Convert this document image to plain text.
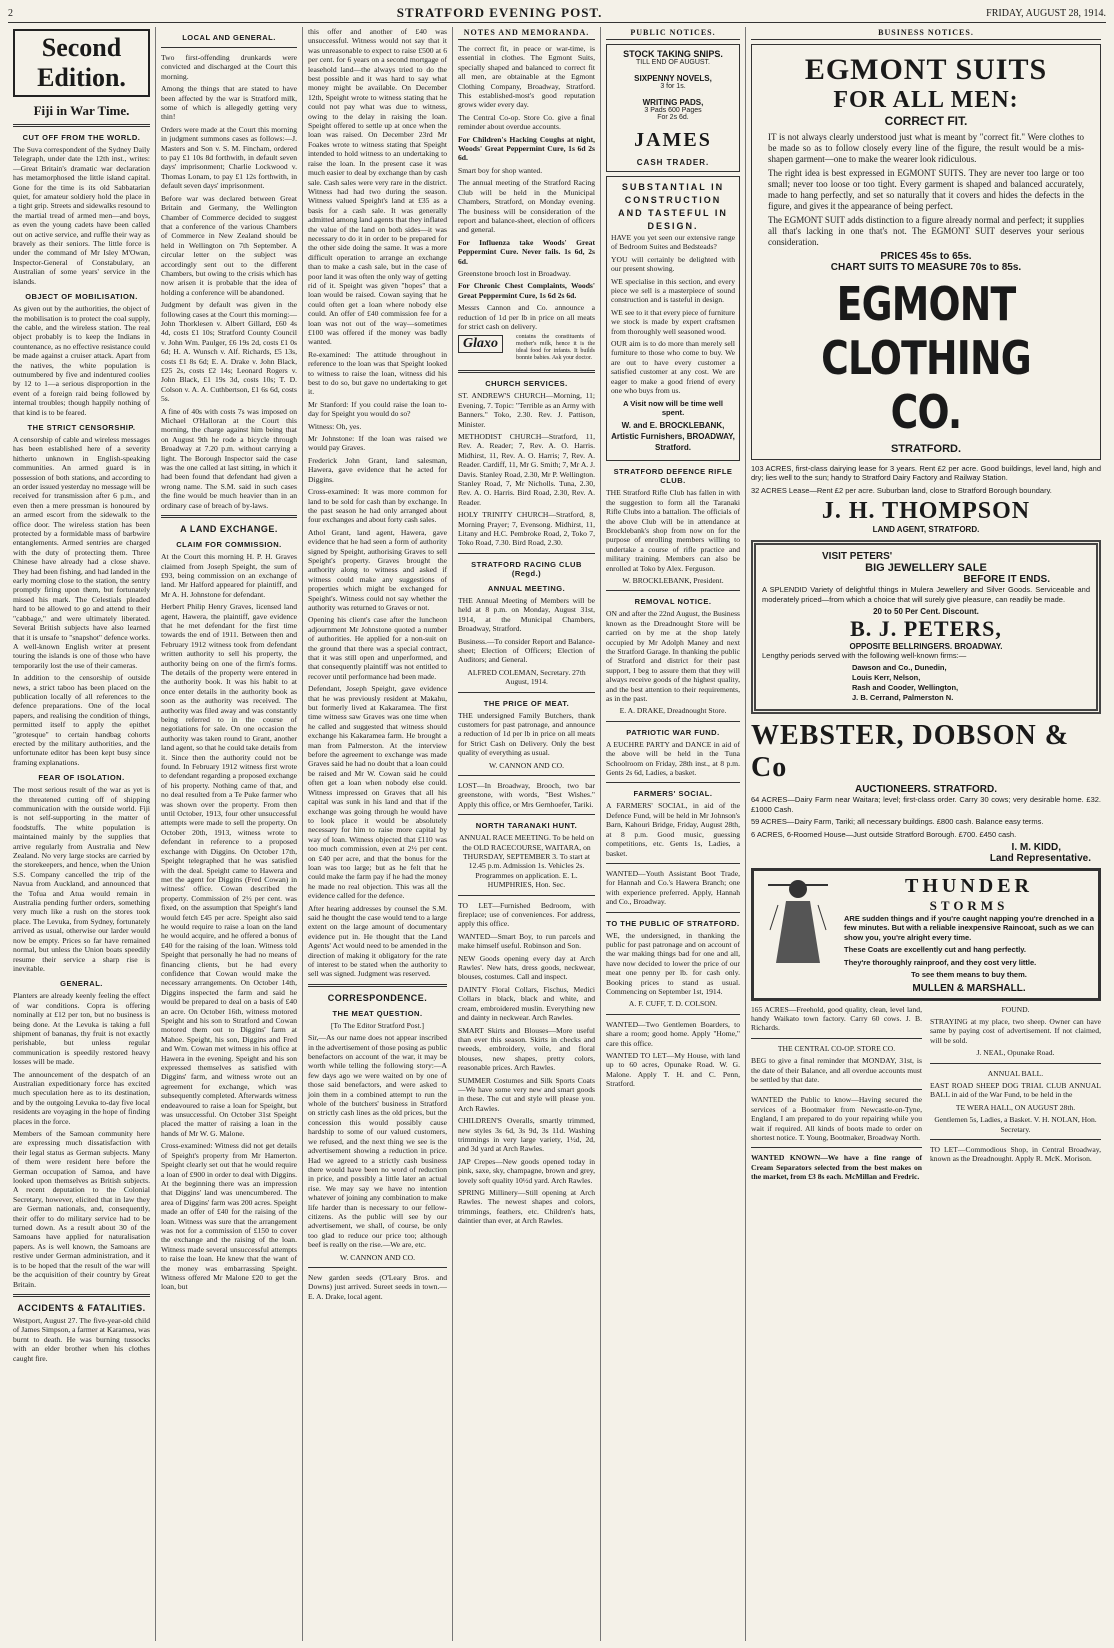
2	STRATFORD EVENING POST.	FRIDAY, AUGUST 28, 1914.
Second Edition.
Fiji in War Time.
CUT OFF FROM THE WORLD.

The Suva correspondent of the Sydney Daily Telegraph, under date the 12th inst., writes:—Great Britain's dramatic war declaration has metamorphosed the little island capital. Gone for the time is its old Sabbatarian quiet, for amateur soldiery hold the place in a tight grip. Streets and sidewalks resound to the martial tread of armed men—and boys, as even the young cadets have been called out on active service, and ruffle their way as bravely as their seniors. The little force is under the command of Mr Isley M'Owan, Inspector-General of Constabulary, an Australian of some years' service in the islands.

OBJECT OF MOBILISATION.

As given out by the authorities, the object of the mobilisation is to protect the coal supply, the cable, and the wireless station. The real object probably is to keep the Indians in countenance, as no effective resistance could be made against a cruiser attack. Apart from the natives, the white population is outnumbered by five and indentured coolies by 12 to 1—a serious disproportion in the event of a foreign raid being followed by internal troubles; though happily nothing of that kind is to be feared.

THE STRICT CENSORSHIP.

A censorship of cable and wireless messages has been established here of a severity hitherto unknown in English-speaking communities. An armed guard is in possession of both stations, and according to an order issued yesterday no message will be received for transmission after 6 p.m., and even then a mere pressman is honoured by an armed escort from the sidewalk to the office door. The wireless station has been protected by a formidable mass of barbwire entanglements. Armed sentries are charged with the duty of protecting them. Three Chinese have already had a close shave. They had been fishing, and had landed in the early morning close to the station, the sentry promptly firing upon them, but fortunately missed his mark. The Celestials pleaded hard to be allowed to go and attend to their "cabbage," and were ultimately liberated. Several British subjects have also learned that it is unsafe to "snapshot" defence works. A well-known English writer at present touring the islands is one of those who have temporarily lost the use of their cameras.

In addition to the censorship of outside news, a strict taboo has been placed on the publication locally of all references to the defence preparations. One of the local papers, and realising the condition of things, permitted itself to apply the epithet "grotesque" to certain handbag cohorts erected by the military authorities, and the unfortunate editor has been kept busy since framing explanations.

FEAR OF ISOLATION.

The most serious result of the war as yet is the threatened cutting off of shipping communication with the outside world. Fiji is not self-supporting in the matter of foodstuffs. The white population is maintained mainly by the supplies that arrive regularly from Australia and New Zealand. No very large stocks are carried by the storekeepers, and hence, when the Union S.S. Company cancelled the trip of the Navua from Auckland, and announced that the Tofua and Atua would remain in Australia pending further orders, something very much like a rush on the stores took place. The Levuka, from Sydney, fortunately arrived as usual, otherwise our larder would now be empty. Prices so far have remained normal, but unless the Union boats speedily resume their service a sharp rise is inevitable.

GENERAL.

Planters are already keenly feeling the effect of war conditions. Copra is offering nominally at £12 per ton, but no business is being done. At the Levuka is taking a full shipment of bananas, thy fruit is not exactly perishable, but unless regular communication is speedily restored heavy losses will be made.

The announcement of the despatch of an Australian expeditionary force has excited much speculation here as to its destination, and by the outgoing Levuka to-day five local residents are voyaging in the hope of finding places in the force.

Members of the Samoan community here are expressing much dissatisfaction with their legal status as German subjects. Many of them were resident here before the German occupation of Samoa, and have looked upon themselves as British subjects. A recent deputation to the Colonial Secretary, however, elicited that in law they are German nationals, and, consequently, their offer to do military service had to be turned down. As a result about 30 of the Samoans have applied for naturalisation papers. As is well known, the Samoans are restive under German administration, and it is to be hoped that the result of the war will be the acquisition of their country by Great Britain.

ACCIDENTS & FATALITIES.

Westport, August 27. The five-year-old child of James Simpson, a farmer at Karamea, was burnt to death. He was burning tussocks with an elder brother when his clothes caught fire.

LOCAL AND GENERAL.

Two first-offending drunkards were convicted and discharged at the Court this morning.

Among the things that are stated to have been affected by the war is Stratford milk, some of which is allegedly getting very thin!

Orders were made at the Court this morning in judgment summons cases as follows:—J. Masters and Son v. S. M. Fincham, ordered to pay £1 10s 8d forthwith, in default seven days' imprisonment; Charlie Lockwood v. Thomas Lonam, to pay £1 12s forthwith, in default seven days' imprisonment.

Before war was declared between Great Britain and Germany, the Wellington Chamber of Commerce decided to suggest that a conference of the various Chambers of Commerce in New Zealand should be held in Wellington on 7th September. A circular letter on the subject was accordingly sent out to the different Chambers, but owing to the crisis which has now arisen it is probable that the idea of holding a conference will be abandoned.

Judgment by default was given in the following cases at the Court this morning:—John Thorklesen v. Albert Gillard, £60 4s 4d, costs £1 10s; Stratford County Council v. John Wm. Paulger, £6 19s 2d, costs £1 0s 6d; H. A. Wunsch v. Alf. Richards, £5 13s, costs £1 8s 6d; E. A. Drake v. John Black, £25 2s, costs £2 14s; Leonard Rogers v. John Black, £1 19s 3d, costs 10s; T. D. Colson v. A. A. Cuthbertson, £1 6s 6d, costs 5s.

A fine of 40s with costs 7s was imposed on Michael O'Halloran at the Court this morning, the charge against him being that on August 9th he rode a bicycle through Broadway at 7.20 p.m. without carrying a light. The Borough Inspector said the case was the one called at last sitting, in which it had been found that defendant had given a wrong name. The S.M. said in such cases the fine would be much heavier than in an ordinary case of breach of by-laws.

A LAND EXCHANGE.
CLAIM FOR COMMISSION.

At the Court this morning H. P. H. Graves claimed from Joseph Speight, the sum of £93, being commission on an exchange of land. Mr Halford appeared for plaintiff, and Mr A. H. Johnstone for defendant.

Herbert Philip Henry Graves, licensed land agent, Hawera, the plaintiff, gave evidence that he met defendant for the first time towards the end of 1911. Between then and February 1912 witness took from defendant written authority to sell his property, the authority being on one of the firm's forms. The details of the property were entered in the authority book. It was his habit to at once enter details in the authority book as soon as the authority was received. The authority was filed away and was constantly being referred to in the course of negotiations for sale. On one occasion the authority was taken round to Grant, another land agent, so that he could take details from it. Since then the authority could not be found. In February 1912 witness first wrote to defendant regarding a proposed exchange of his property. Nothing came of that, and no deal resulted from a Te Puke farmer who was shown over the property. From then until October, 1913, four other unsuccessful attempts were made to sell the property. On October 20th, 1913, witness wrote to defendant in reference to a proposed exchange with Diggins. On October 17th, Speight telegraphed that he was satisfied with the deal. Speight came to Hawera and met the agent for Diggins (Fred Cowan) in witness' office. Cowan described the property. Commission of 2½ per cent. was fixed, on the assumption that Speight's land would fetch £45 per acre. Speight also said he would require to raise a loan on the land he would acquire, and he offered a bonus of £40 for the raising of the loan. Witness told Speight that personally he had no means of financing clients, but he had every confidence that Cowan would make the necessary arrangements. On October 14th, Diggins inspected the farm and said he would be prepared to deal on a basis of £40 an acre. On October 16th, witness motored Speight and his son to Stratford and Cowan motored them out to Diggins' farm at Mahoe. Speight, his son, Diggins and Fred and Wm. Cowan met witness in his office at Hawera in the evening. Speight and his son expressed themselves as satisfied with Diggins' farm, and witness wrote out an agreement for exchange, which was subsequently completed. Afterwards witness endeavoured to raise a loan for Speight, but was unsuccessful. On October 31st Speight placed the matter of raising a loan in the hands of Mr W. G. Malone.

Cross-examined: Witness did not get details of Speight's property from Mr Hamerton. Speight clearly set out that he would require a loan of £900 in order to deal with Diggins. At the beginning there was an impression that Diggins' land was unencumbered. The area of Diggins' farm was 200 acres. Speight made an offer of £40 for the raising of the loan. Witness was sure that the arrangement was not for a commission of £150 to cover the exchange and the raising of the loan. Witness made several unsuccessful attempts to raise the loan. He knew that the want of the money was embarrassing Speight. Witness offered Mr Malone £20 to get the loan, but

this offer and another of £40 was unsuccessful. Witness would not say that it was unreasonable to expect to raise £500 at 6 per cent. for 6 years on a second mortgage of leasehold land—the always tried to do the best possible and it was hard to say what money might be available. On December 12th, Speight wrote to witness stating that he could not pay what was due to witness, owing to the delay in raising the loan. Speight offered to settle up at once when the loan was raised. On December 23rd Mr Foakes wrote to witness stating that Speight intended to hold witness to an undertaking to raise the loan. In the present case it was much easier to deal by exchange than by cash sale. Cash sales were very rare in the district. Witness had had two during the season. Witness valued Speight's land at £35 as a basis for a cash sale. It was generally admitted among land agents that they inflated the value of the land on both sides—it was necessary to do it in order to be prepared for the other side doing the same. It was a more difficult operation to arrange an exchange than to make a cash sale, but in the case of poor land it was often the only way of getting rid of it. Speight was given "hopes" that a loan would be raised. Cowan saying that he could often get a loan where nobody else could. An offer of £40 commission fee for a loan was not out of the way—sometimes £100 was offered if the money was badly wanted.

Re-examined: The attitude throughout in reference to the loan was that Speight looked to witness to raise the loan, witness did his best to do so, but gave no undertaking to get it.

Mr Stanford: If you could raise the loan to-day for Speight you would do so?

Witness: Oh, yes.

Mr Johnstone: If the loan was raised we would pay Graves.

Frederick John Grant, land salesman, Hawera, gave evidence that he acted for Diggins.

Cross-examined: It was more common for land to be sold for cash than by exchange. In the past season he had only arranged about four exchanges and about forty cash sales.

Athol Grant, land agent, Hawera, gave evidence that he had seen a form of authority signed by Speight, authorising Graves to sell Speight's property. Graves brought the authority along to witness and asked if witness could make any suggestions of properties which might be exchanged for Speight's. Witness could not say whether the authority was returned to Graves or not.

Opening his client's case after the luncheon adjournment Mr Johnstone quoted a number of authorities. He applied for a non-suit on the ground that there was a special contract, that it was still open and unperformed, and that consequently plaintiff was not entitled to recover until performance had been made.

Defendant, Joseph Speight, gave evidence that he was previously resident at Makahu, but formerly lived at Kakaramea. The first time witness saw Graves was one time when he called and suggested that witness should exchange his Kakaramea farm. He brought a man from Palmerston. At the interview before the agreement to exchange was made Graves said he had no doubt that a loan could be raised and Mr W. Cowan said he could often get a loan when nobody else could. Witness impressed on Graves that all his capital was sunk in his land and that if the exchange was going through he would have to look place it would be absolutely necessary for him to raise more capital by way of loan. Witness objected that £110 was too much commission, even at 2½ per cent. on £40 per acre, and that the bonus for the loan was too large; but as he felt that he could make the farm pay if he had the money he made no real objection. This was all the evidence called for the defence.

After hearing addresses by counsel the S.M. said he thought the case would tend to a large extent on the large amount of documentary evidence put in. He thought that the Land Agents' Act would need to be amended in the direction of making it obligatory for the rate of interest to be stated when the authority to sell was signed. Judgment was reserved.

CORRESPONDENCE.
THE MEAT QUESTION.

[To The Editor Stratford Post.]

Sir,—As our name does not appear inscribed in the advertisement of those posing as public benefactors on account of the war, it may be worth while telling the following story:—A few days ago we were waited on by one of those said benefactors, and were asked to join them in a combined attempt to run the whole of the butchers' business in Stratford on strictly cash lines as the old prices, but the concession this would possibly cause hardship to some of our valued customers, we refused, and the next thing we see is the advertisement showing a reduction in price. Had we agreed to a strictly cash business there would have been no word of reduction in price, and possibly a little later an actual rise. We may say we have no intention whatever of joining any combination to make life harder than is necessary to our fellow-citizens. As the public will see by our advertisement, we shall, of course, be only too glad to reduce our price too; although beef is really on the rise.—We are, etc.

W. CANNON AND CO.

New garden seeds (O'Leary Bros. and Downs) just arrived. Sureet seeds in town.—E. A. Drake, local agent.

NOTES AND MEMORANDA.

The correct fit, in peace or war-time, is essential in clothes. The Egmont Suits, specially shaped and balanced to correct fit all men, are obtainable at the Egmont Clothing Company, Broadway, Stratford. This established-most's good reputation grows wider every day.

The Central Co-op. Store Co. give a final reminder about overdue accounts.

For Children's Hacking Coughs at night, Woods' Great Peppermint Cure, 1s 6d 2s 6d.

Smart boy for shop wanted.

The annual meeting of the Stratford Racing Club will be held in the Municipal Chambers, Stratford, on Monday evening. The business will be consideration of the report and balance-sheet, election of officers and general.

For Influenza take Woods' Great Peppermint Cure. Never fails. 1s 6d, 2s 6d.

Greenstone brooch lost in Broadway.

For Chronic Chest Complaints, Woods' Great Peppermint Cure, 1s 6d 2s 6d.

Messrs Cannon and Co. announce a reduction of 1d per lb in price on all meats for strict cash on delivery.

Glaxo	contains the constituents of mother's milk, hence it is the ideal food for infants. It builds bonnie babies. Ask your doctor.

CHURCH SERVICES.

ST. ANDREW'S CHURCH—Morning, 11; Evening, 7. Topic: "Terrible as an Army with Banners." Toko, 2.30. Rev. J. Pattison, Minister.

METHODIST CHURCH—Stratford, 11, Rev. A. Reader; 7, Rev. A. O. Harris. Midhirst, 11, Rev. A. O. Harris; 7, Rev. A. Reader. Cardiff, 11, Mr G. Smith; 7, Mr A. J. Davis. Stanley Road, 2.30, Mr P. Wellington. Stanley Road, 7, Mr Nicholls. Tuna, 2.30, Rev. A. O. Harris. Bird Road, 2.30, Rev. A. Reader.

HOLY TRINITY CHURCH—Stratford, 8, Morning Prayer; 7, Evensong. Midhirst, 11, Litany and H.C. Pembroke Road, 2, Toko 7, Toko Road, 7.30. Bird Road, 2.30.

STRATFORD RACING CLUB (Regd.)
ANNUAL MEETING.

THE Annual Meeting of Members will be held at 8 p.m. on Monday, August 31st, 1914, at the Municipal Chambers, Broadway, Stratford.

Business.—To consider Report and Balance-sheet; Election of Officers; Election of Auditors; and General.

ALFRED COLEMAN, Secretary. 27th August, 1914.

THE PRICE OF MEAT.

THE undersigned Family Butchers, thank customers for past patronage, and announce a reduction of 1d per lb in price on all meats for Strict Cash on Delivery. Only the best quality of everything as usual.

W. CANNON AND CO.

LOST—In Broadway, Brooch, two bar greenstone, with words, "Best Wishes." Apply this office, or Mrs Gernhoefer, Tariki.

NORTH TARANAKI HUNT.

ANNUAL RACE MEETING. To be held on the OLD RACECOURSE, WAITARA, on THURSDAY, SEPTEMBER 3. To start at 12.45 p.m. Admission 1s. Vehicles 2s. Programmes on application. E. L. HUMPHRIES, Hon. Sec.

TO LET—Furnished Bedroom, with fireplace; use of conveniences. For address, apply this office.

WANTED—Smart Boy, to run parcels and make himself useful. Robinson and Son.

NEW Goods opening every day at Arch Rawles'. New hats, dress goods, neckwear, blouses, costumes. Call and inspect.

DAINTY Floral Collars, Fischus, Medici Collars in black, black and white, and cream, embroidered muslin. Everything new and dainty in neckwear. Arch Rawles.

SMART Skirts and Blouses—More useful than ever this season. Skirts in checks and tweeds, embroidery, voile, and floral blouses, new shapes, pretty colors, reasonable prices. Arch Rawles.

SUMMER Costumes and Silk Sports Coats—We have some very new and smart goods in these. The cut and style will please you. Arch Rawles.

CHILDREN'S Overalls, smartly trimmed, new styles 3s 6d, 3s 9d, 3s 11d. Washing trimmings in very large variety, 1½d, 2d, and 3d yard at Arch Rawles.

JAP Crepes—New goods opened today in pink, saxe, sky, champagne, brown and grey, lovely soft quality 10½d yard. Arch Rawles.

SPRING Millinery—Still opening at Arch Rawles. The newest shapes and colors, trimmings, feathers, etc. Children's hats, daintier than ever, at Arch Rawles.

PUBLIC NOTICES.
STOCK TAKING SNIPS.
TILL END OF AUGUST.
SIXPENNY NOVELS,
3 for 1s.
WRITING PADS,
3 Pads 600 Pages
For 2s 6d.
JAMES
CASH TRADER.
SUBSTANTIAL IN CONSTRUCTION AND TASTEFUL IN DESIGN.

HAVE you yet seen our extensive range of Bedroom Suites and Bedsteads?

YOU will certainly be delighted with our present showing.

WE specialise in this section, and every piece we sell is a masterpiece of sound construction and is tasteful in design.

WE see to it that every piece of furniture we stock is made by expert craftsmen from thoroughly well seasoned wood.

OUR aim is to do more than merely sell furniture to those who come to buy. We are out to have every customer a satisfied customer at any cost. We are eager to make a good friend of every one who buys from us.

A Visit now will be time well spent.

W. and E. BROCKLEBANK, Artistic Furnishers, BROADWAY, Stratford.

STRATFORD DEFENCE RIFLE CLUB.

THE Stratford Rifle Club has fallen in with the suggestion to form all the Taranaki Rifle Clubs into a battalion. The officials of the above Club will be in attendance at Brocklebank's shop from now on for the purpose of enrolling members willing to undertake a course of rifle practice and military training. Members can also be enrolled at Toko by Alex. Ferguson.

W. BROCKLEBANK, President.

REMOVAL NOTICE.

ON and after the 22nd August, the Business known as the Dreadnought Store will be carried on by me at the shop lately occupied by Mr Adolph Maney and next the Stratford Garage. In thanking the public of Stratford and district for their past support, I beg to assure them that they will always receive goods of the highest quality, and the best attention to their requirements, as in the past.

E. A. DRAKE, Dreadnought Store.

PATRIOTIC WAR FUND.

A EUCHRE PARTY and DANCE in aid of the above will be held in the Tuna Schoolroom on Friday, 28th inst., at 8 p.m. Gents 2s 6d, Ladies, a basket.

FARMERS' SOCIAL.

A FARMERS' SOCIAL, in aid of the Defence Fund, will be held in Mr Johnson's Barn, Kahouri Bridge, Friday, August 28th, at 8 p.m. Good music, guessing competitions, etc. Gents 1s, Ladies, a basket.

WANTED—Youth Assistant Boot Trade, for Hannah and Co.'s Hawera Branch; one with experience preferred. Apply, Hannah and Co., Broadway.

TO THE PUBLIC OF STRATFORD.

WE, the undersigned, in thanking the public for past patronage and on account of the war making things bad for one and all, have now decided to lower the price of our meat one penny per lb. for cash only. Booking prices to stand as usual. Commencing on September 1st, 1914.

A. F. CUFF, T. D. COLSON.

WANTED—Two Gentlemen Boarders, to share a room; good home. Apply "Home," care this office.

WANTED TO LET—My House, with land up to 60 acres, Opunake Road. W. G. Malone. Apply T. H. and C. Penn, Stratford.

BUSINESS NOTICES.
EGMONT SUITS
FOR ALL MEN:
CORRECT FIT.

IT is not always clearly understood just what is meant by "correct fit." Were clothes to be made so as to follow closely every line of the figure, the result would be a mis-shapen garment—one to make the wearer look ridiculous.

The right idea is best expressed in EGMONT SUITS. They are never too large or too small; never too loose or too tight. Every garment is shaped and balanced accurately, made to hang perfectly, and set so naturally that it covers and hides the defects in the figure, and gives it the appearance of being perfect.

The EGMONT SUIT adds distinction to a figure already normal and perfect; it supplies all that's lacking in one that's not. The EGMONT SUIT deserves your serious consideration.

PRICES 45s to 65s.
CHART SUITS TO MEASURE 70s to 85s.
EGMONT CLOTHING CO.
STRATFORD.

103 ACRES, first-class dairying lease for 3 years. Rent £2 per acre. Good buildings, level land, high and dry; lies well to the sun; handy to Stratford Dairy Factory and Railway Station.

32 ACRES Lease—Rent £2 per acre. Suburban land, close to Stratford Borough boundary.

J. H. THOMPSON
LAND AGENT, STRATFORD.
VISIT PETERS'
BIG JEWELLERY SALE
BEFORE IT ENDS.

A SPLENDID Variety of delightful things in Mulera Jewellery and Silver Goods. Serviceable and moderately priced—from which a choice that will surely give pleasure, can readily be made.

20 to 50 Per Cent. Discount.
B. J. PETERS,
OPPOSITE BELLRINGERS. BROADWAY.

Lengthy periods served with the following well-known firms:—

Dawson and Co., Dunedin,
Louis Kerr, Nelson,
Rash and Cooder, Wellington,
J. B. Cerrand, Palmerston N.
WEBSTER, DOBSON & Co
AUCTIONEERS. STRATFORD.

64 ACRES—Dairy Farm near Waitara; level; first-class order. Carry 30 cows; very desirable home. £32. £1000 Cash.

59 ACRES—Dairy Farm, Tariki; all necessary buildings. £800 cash. Balance easy terms.

6 ACRES, 6-Roomed House—Just outside Stratford Borough. £700. £450 cash.

I. M. KIDD,
Land Representative.
THUNDER
STORMS

ARE sudden things and if you're caught napping you're drenched in a few minutes. But with a reliable inexpensive Raincoat, such as we can show you, you're alright every time.

These Coats are excellently cut and hang perfectly.

They're thoroughly rainproof, and they cost very little.

To see them means to buy them.

MULLEN & MARSHALL.

165 ACRES—Freehold, good quality, clean, level land, handy Waikato town factory. Carry 60 cows. J. B. Richards.

THE CENTRAL CO-OP. STORE CO.

BEG to give a final reminder that MONDAY, 31st, is the date of their Balance, and all overdue accounts must be settled by that date.

WANTED the Public to know—Having secured the services of a Bootmaker from Newcastle-on-Tyne, England, I am prepared to do your repairing while you wait if required. All kinds of boots made to order on shortest notice. T. Young, Bootmaker, Broadway North.

WANTED KNOWN—We have a fine range of Cream Separators selected from the best makes on the market, from £3 8s each. McMillan and Fredric.

FOUND.

STRAYING at my place, two sheep. Owner can have same by paying cost of advertisement. If not claimed, will be sold.

J. NEAL, Opunake Road.

ANNUAL BALL.

EAST ROAD SHEEP DOG TRIAL CLUB ANNUAL BALL in aid of the War Fund, to be held in the

TE WERA HALL, ON AUGUST 28th.

Gentlemen 5s, Ladies, a Basket. V. H. NOLAN, Hon. Secretary.

TO LET—Commodious Shop, in Central Broadway, known as the Dreadnought. Apply R. McK. Morison.
